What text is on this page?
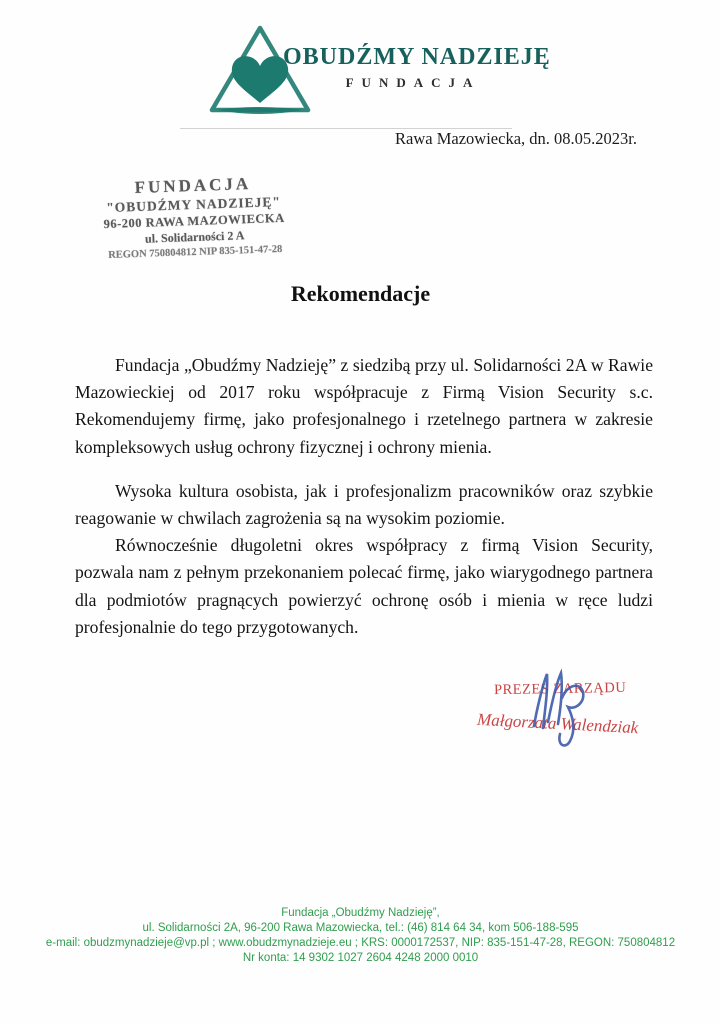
OBUDŹMY NADZIEJĘ
FUNDACJA
Rawa Mazowiecka, dn. 08.05.2023r.
FUNDACJA
"OBUDŹMY NADZIEJĘ"
96-200 RAWA MAZOWIECKA
ul. Solidarności 2 A
REGON 750804812 NIP 835-151-47-28
Rekomendacje

Fundacja „Obudźmy Nadzieję” z siedzibą przy ul. Solidarności 2A w Rawie Mazowieckiej od 2017 roku współpracuje z Firmą Vision Security s.c. Rekomendujemy firmę, jako profesjonalnego i rzetelnego partnera w zakresie kompleksowych usług ochrony fizycznej i ochrony mienia.

Wysoka kultura osobista, jak i profesjonalizm pracowników oraz szybkie reagowanie w chwilach zagrożenia są na wysokim poziomie.

Równocześnie długoletni okres współpracy z firmą Vision Security, pozwala nam z pełnym przekonaniem polecać firmę, jako wiarygodnego partnera dla podmiotów pragnących powierzyć ochronę osób i mienia w ręce ludzi profesjonalnie do tego przygotowanych.

PREZES ZARZĄDU
Małgorzata Walendziak
Fundacja „Obudźmy Nadzieję”,
ul. Solidarności 2A, 96-200 Rawa Mazowiecka, tel.: (46) 814 64 34, kom 506-188-595
e-mail: obudzmynadzieje@vp.pl ; www.obudzmynadzieje.eu ; KRS: 0000172537, NIP: 835-151-47-28, REGON: 750804812
Nr konta: 14 9302 1027 2604 4248 2000 0010
